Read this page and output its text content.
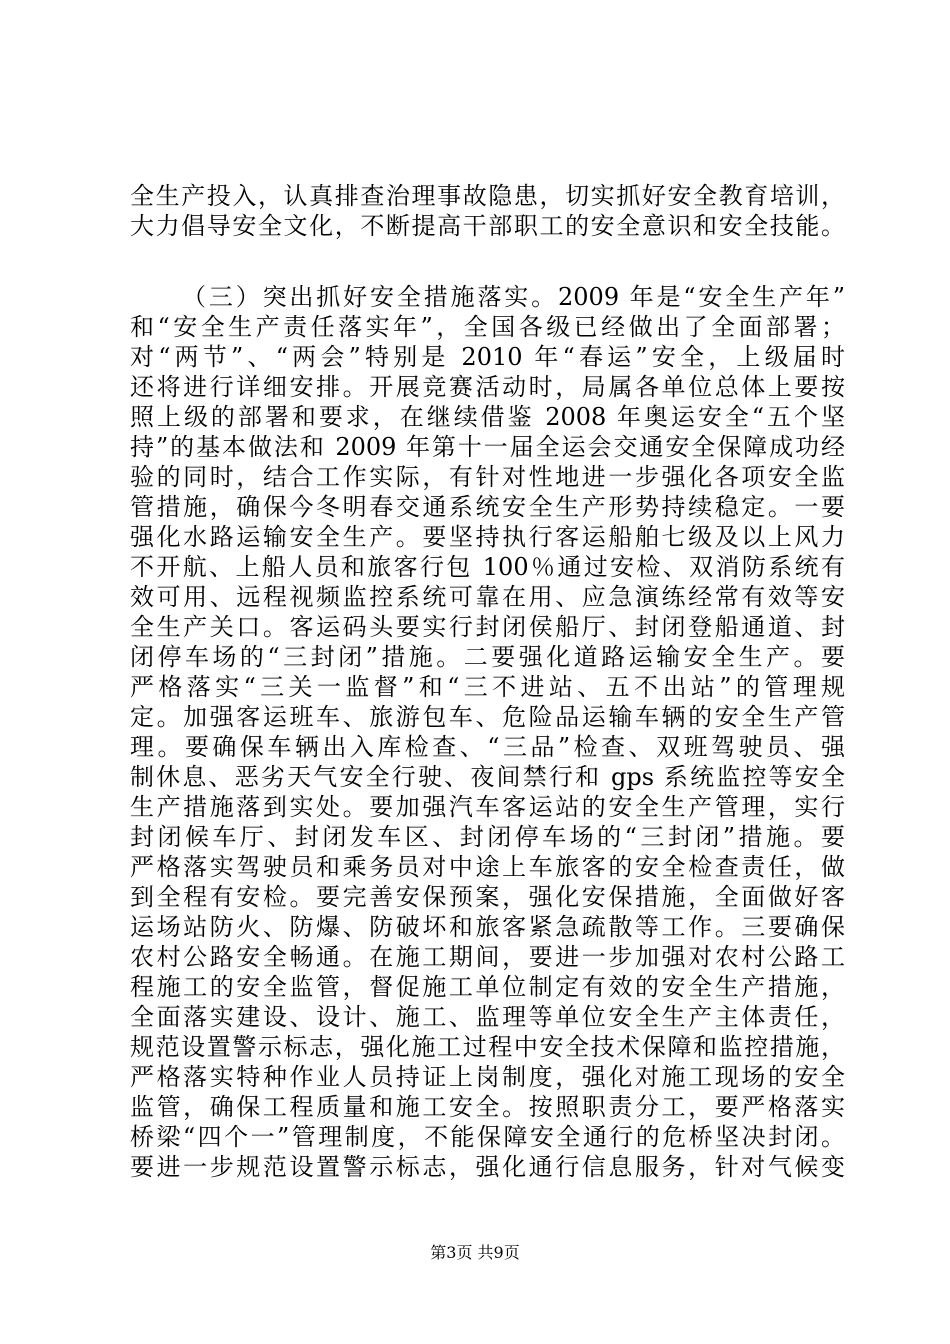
全生产投入，认真排查治理事故隐患，切实抓好安全教育培训，
大力倡导安全文化，不断提高干部职工的安全意识和安全技能。
（三）突出抓好安全措施落实。2009 年是“安全生产年”
和“安全生产责任落实年”，全国各级已经做出了全面部署；
对“两节”、“两会”特别是 2010 年“春运”安全，上级届时
还将进行详细安排。开展竞赛活动时，局属各单位总体上要按
照上级的部署和要求，在继续借鉴 2008 年奥运安全“五个坚
持”的基本做法和 2009 年第十一届全运会交通安全保障成功经
验的同时，结合工作实际，有针对性地进一步强化各项安全监
管措施，确保今冬明春交通系统安全生产形势持续稳定。一要
强化水路运输安全生产。要坚持执行客运船舶七级及以上风力
不开航、上船人员和旅客行包 100％通过安检、双消防系统有
效可用、远程视频监控系统可靠在用、应急演练经常有效等安
全生产关口。客运码头要实行封闭侯船厅、封闭登船通道、封
闭停车场的“三封闭”措施。二要强化道路运输安全生产。要
严格落实“三关一监督”和“三不进站、五不出站”的管理规
定。加强客运班车、旅游包车、危险品运输车辆的安全生产管
理。要确保车辆出入库检查、“三品”检查、双班驾驶员、强
制休息、恶劣天气安全行驶、夜间禁行和 gps 系统监控等安全
生产措施落到实处。要加强汽车客运站的安全生产管理，实行
封闭候车厅、封闭发车区、封闭停车场的“三封闭”措施。要
严格落实驾驶员和乘务员对中途上车旅客的安全检查责任，做
到全程有安检。要完善安保预案，强化安保措施，全面做好客
运场站防火、防爆、防破坏和旅客紧急疏散等工作。三要确保
农村公路安全畅通。在施工期间，要进一步加强对农村公路工
程施工的安全监管，督促施工单位制定有效的安全生产措施，
全面落实建设、设计、施工、监理等单位安全生产主体责任，
规范设置警示标志，强化施工过程中安全技术保障和监控措施，
严格落实特种作业人员持证上岗制度，强化对施工现场的安全
监管，确保工程质量和施工安全。按照职责分工，要严格落实
桥梁“四个一”管理制度，不能保障安全通行的危桥坚决封闭。
要进一步规范设置警示标志，强化通行信息服务，针对气候变
第3页 共9页
